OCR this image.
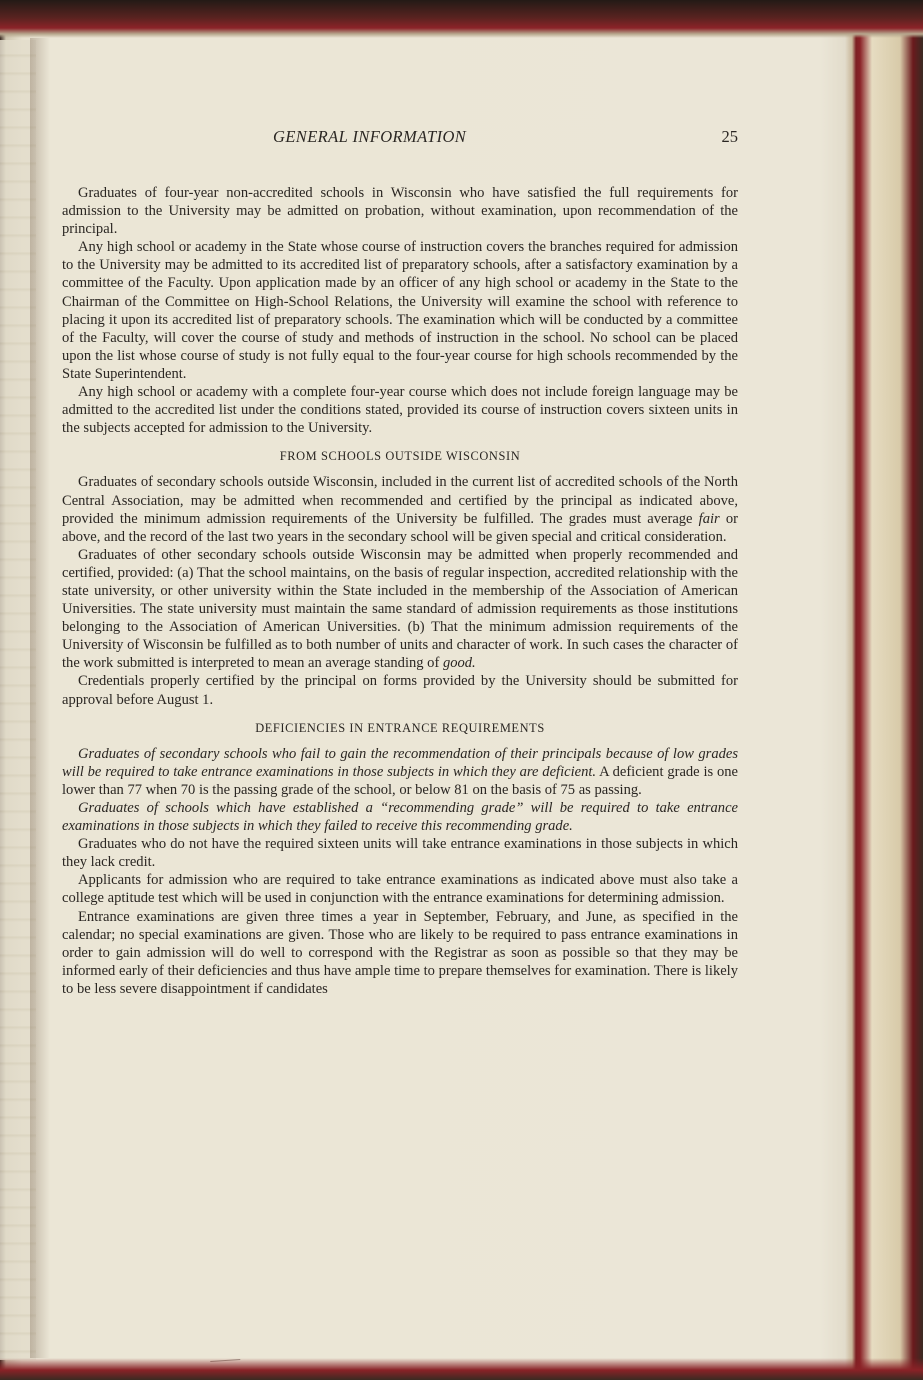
GENERAL INFORMATION	25

Graduates of four-year non-accredited schools in Wisconsin who have satisfied the full requirements for admission to the University may be admitted on probation, without examination, upon recommendation of the principal.

Any high school or academy in the State whose course of instruction covers the branches required for admission to the University may be admitted to its accredited list of preparatory schools, after a satisfactory examination by a committee of the Faculty. Upon application made by an officer of any high school or academy in the State to the Chairman of the Committee on High-School Relations, the University will examine the school with reference to placing it upon its accredited list of preparatory schools. The examination which will be conducted by a committee of the Faculty, will cover the course of study and methods of instruction in the school. No school can be placed upon the list whose course of study is not fully equal to the four-year course for high schools recommended by the State Superintendent.

Any high school or academy with a complete four-year course which does not include foreign language may be admitted to the accredited list under the conditions stated, provided its course of instruction covers sixteen units in the subjects accepted for admission to the University.

FROM SCHOOLS OUTSIDE WISCONSIN

Graduates of secondary schools outside Wisconsin, included in the current list of accredited schools of the North Central Association, may be admitted when recommended and certified by the principal as indicated above, provided the minimum admission requirements of the University be fulfilled. The grades must average fair or above, and the record of the last two years in the secondary school will be given special and critical consideration.

Graduates of other secondary schools outside Wisconsin may be admitted when properly recommended and certified, provided: (a) That the school maintains, on the basis of regular inspection, accredited relationship with the state university, or other university within the State included in the membership of the Association of American Universities. The state university must maintain the same standard of admission requirements as those institutions belonging to the Association of American Universities. (b) That the minimum admission requirements of the University of Wisconsin be fulfilled as to both number of units and character of work. In such cases the character of the work submitted is interpreted to mean an average standing of good.

Credentials properly certified by the principal on forms provided by the University should be submitted for approval before August 1.

DEFICIENCIES IN ENTRANCE REQUIREMENTS

Graduates of secondary schools who fail to gain the recommendation of their principals because of low grades will be required to take entrance examinations in those subjects in which they are deficient. A deficient grade is one lower than 77 when 70 is the passing grade of the school, or below 81 on the basis of 75 as passing.

Graduates of schools which have established a “recommending grade” will be required to take entrance examinations in those subjects in which they failed to receive this recommending grade.

Graduates who do not have the required sixteen units will take entrance examinations in those subjects in which they lack credit.

Applicants for admission who are required to take entrance examinations as indicated above must also take a college aptitude test which will be used in conjunction with the entrance examinations for determining admission.

Entrance examinations are given three times a year in September, February, and June, as specified in the calendar; no special examinations are given. Those who are likely to be required to pass entrance examinations in order to gain admission will do well to correspond with the Registrar as soon as possible so that they may be informed early of their deficiencies and thus have ample time to prepare themselves for examination. There is likely to be less severe disappointment if candidates
